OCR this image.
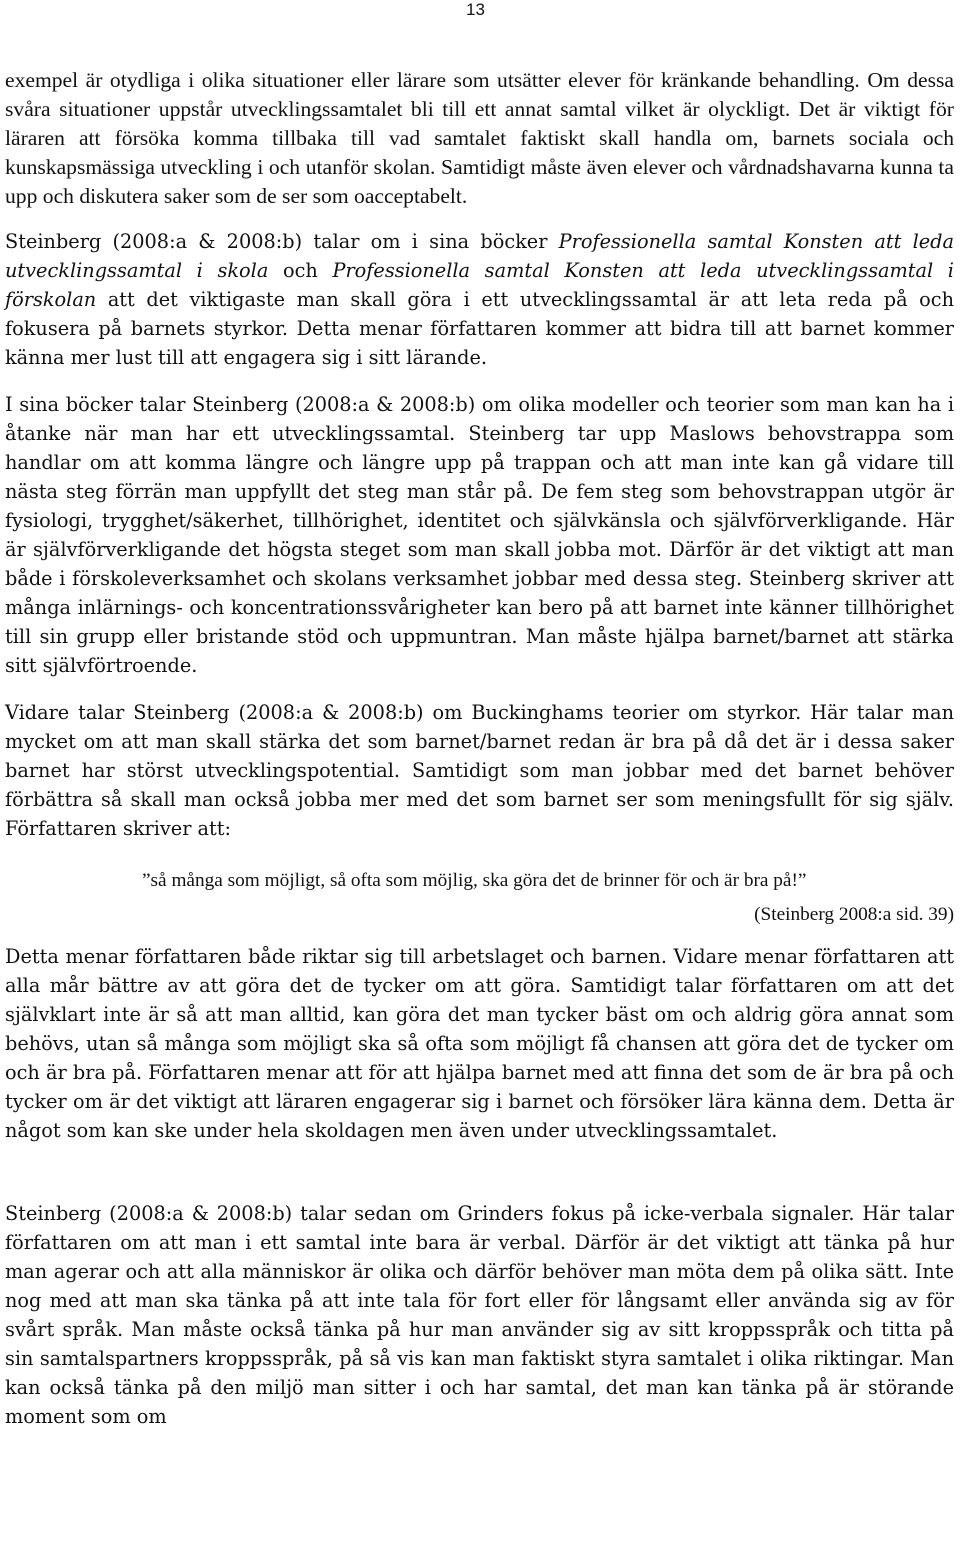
13

exempel är otydliga i olika situationer eller lärare som utsätter elever för kränkande behandling. Om dessa svåra situationer uppstår utvecklingssamtalet bli till ett annat samtal vilket är olyckligt. Det är viktigt för läraren att försöka komma tillbaka till vad samtalet faktiskt skall handla om, barnets sociala och kunskapsmässiga utveckling i och utanför skolan. Samtidigt måste även elever och vårdnadshavarna kunna ta upp och diskutera saker som de ser som oacceptabelt.

Steinberg (2008:a & 2008:b) talar om i sina böcker Professionella samtal Konsten att leda utvecklingssamtal i skola och Professionella samtal Konsten att leda utvecklingssamtal i förskolan att det viktigaste man skall göra i ett utvecklingssamtal är att leta reda på och fokusera på barnets styrkor. Detta menar författaren kommer att bidra till att barnet kommer känna mer lust till att engagera sig i sitt lärande.

I sina böcker talar Steinberg (2008:a & 2008:b) om olika modeller och teorier som man kan ha i åtanke när man har ett utvecklingssamtal. Steinberg tar upp Maslows behovstrappa som handlar om att komma längre och längre upp på trappan och att man inte kan gå vidare till nästa steg förrän man uppfyllt det steg man står på. De fem steg som behovstrappan utgör är fysiologi, trygghet/säkerhet, tillhörighet, identitet och självkänsla och självförverkligande. Här är självförverkligande det högsta steget som man skall jobba mot. Därför är det viktigt att man både i förskoleverksamhet och skolans verksamhet jobbar med dessa steg. Steinberg skriver att många inlärnings- och koncentrationssvårigheter kan bero på att barnet inte känner tillhörighet till sin grupp eller bristande stöd och uppmuntran. Man måste hjälpa barnet/barnet att stärka sitt självförtroende.

Vidare talar Steinberg (2008:a & 2008:b) om Buckinghams teorier om styrkor. Här talar man mycket om att man skall stärka det som barnet/barnet redan är bra på då det är i dessa saker barnet har störst utvecklingspotential. Samtidigt som man jobbar med det barnet behöver förbättra så skall man också jobba mer med det som barnet ser som meningsfullt för sig själv. Författaren skriver att:

”så många som möjligt, så ofta som möjlig, ska göra det de brinner för och är bra på!”
(Steinberg 2008:a sid. 39)

Detta menar författaren både riktar sig till arbetslaget och barnen. Vidare menar författaren att alla mår bättre av att göra det de tycker om att göra. Samtidigt talar författaren om att det självklart inte är så att man alltid, kan göra det man tycker bäst om och aldrig göra annat som behövs, utan så många som möjligt ska så ofta som möjligt få chansen att göra det de tycker om och är bra på. Författaren menar att för att hjälpa barnet med att finna det som de är bra på och tycker om är det viktigt att läraren engagerar sig i barnet och försöker lära känna dem. Detta är något som kan ske under hela skoldagen men även under utvecklingssamtalet.

Steinberg (2008:a & 2008:b) talar sedan om Grinders fokus på icke-verbala signaler. Här talar författaren om att man i ett samtal inte bara är verbal. Därför är det viktigt att tänka på hur man agerar och att alla människor är olika och därför behöver man möta dem på olika sätt. Inte nog med att man ska tänka på att inte tala för fort eller för långsamt eller använda sig av för svårt språk. Man måste också tänka på hur man använder sig av sitt kroppsspråk och titta på sin samtalspartners kroppsspråk, på så vis kan man faktiskt styra samtalet i olika riktingar. Man kan också tänka på den miljö man sitter i och har samtal, det man kan tänka på är störande moment som om
